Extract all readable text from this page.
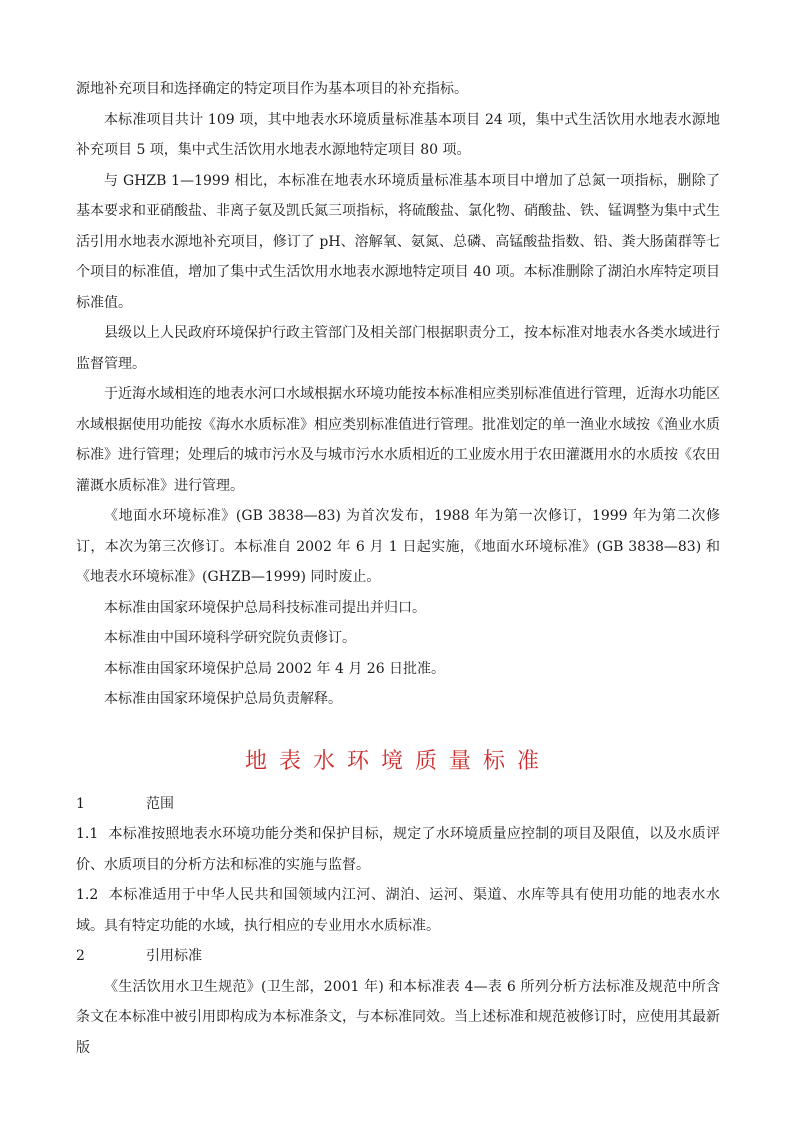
源地补充项目和选择确定的特定项目作为基本项目的补充指标。

本标准项目共计 109 项，其中地表水环境质量标准基本项目 24 项，集中式生活饮用水地表水源地补充项目 5 项，集中式生活饮用水地表水源地特定项目 80 项。

与 GHZB 1—1999 相比，本标准在地表水环境质量标准基本项目中增加了总氮一项指标，删除了基本要求和亚硝酸盐、非离子氨及凯氏氮三项指标，将硫酸盐、氯化物、硝酸盐、铁、锰调整为集中式生活引用水地表水源地补充项目，修订了 pH、溶解氧、氨氮、总磷、高锰酸盐指数、铅、粪大肠菌群等七个项目的标准值，增加了集中式生活饮用水地表水源地特定项目 40 项。本标准删除了湖泊水库特定项目标准值。

县级以上人民政府环境保护行政主管部门及相关部门根据职责分工，按本标准对地表水各类水域进行监督管理。

于近海水域相连的地表水河口水域根据水环境功能按本标准相应类别标准值进行管理，近海水功能区水域根据使用功能按《海水水质标准》相应类别标准值进行管理。批准划定的单一渔业水域按《渔业水质标准》进行管理；处理后的城市污水及与城市污水水质相近的工业废水用于农田灌溉用水的水质按《农田灌溉水质标准》进行管理。

《地面水环境标准》(GB 3838—83) 为首次发布，1988 年为第一次修订，1999 年为第二次修订，本次为第三次修订。本标准自 2002 年 6 月 1 日起实施，《地面水环境标准》(GB 3838—83) 和《地表水环境标准》(GHZB—1999) 同时废止。

本标准由国家环境保护总局科技标准司提出并归口。

本标准由中国环境科学研究院负责修订。

本标准由国家环境保护总局 2002 年 4 月 26 日批准。

本标准由国家环境保护总局负责解释。

地表水环境质量标准
1	范围

1.1 本标准按照地表水环境功能分类和保护目标，规定了水环境质量应控制的项目及限值，以及水质评价、水质项目的分析方法和标准的实施与监督。

1.2 本标准适用于中华人民共和国领域内江河、湖泊、运河、渠道、水库等具有使用功能的地表水水域。具有特定功能的水域，执行相应的专业用水水质标准。

2	引用标准

《生活饮用水卫生规范》(卫生部，2001 年) 和本标准表 4—表 6 所列分析方法标准及规范中所含条文在本标准中被引用即构成为本标准条文，与本标准同效。当上述标准和规范被修订时，应使用其最新版
